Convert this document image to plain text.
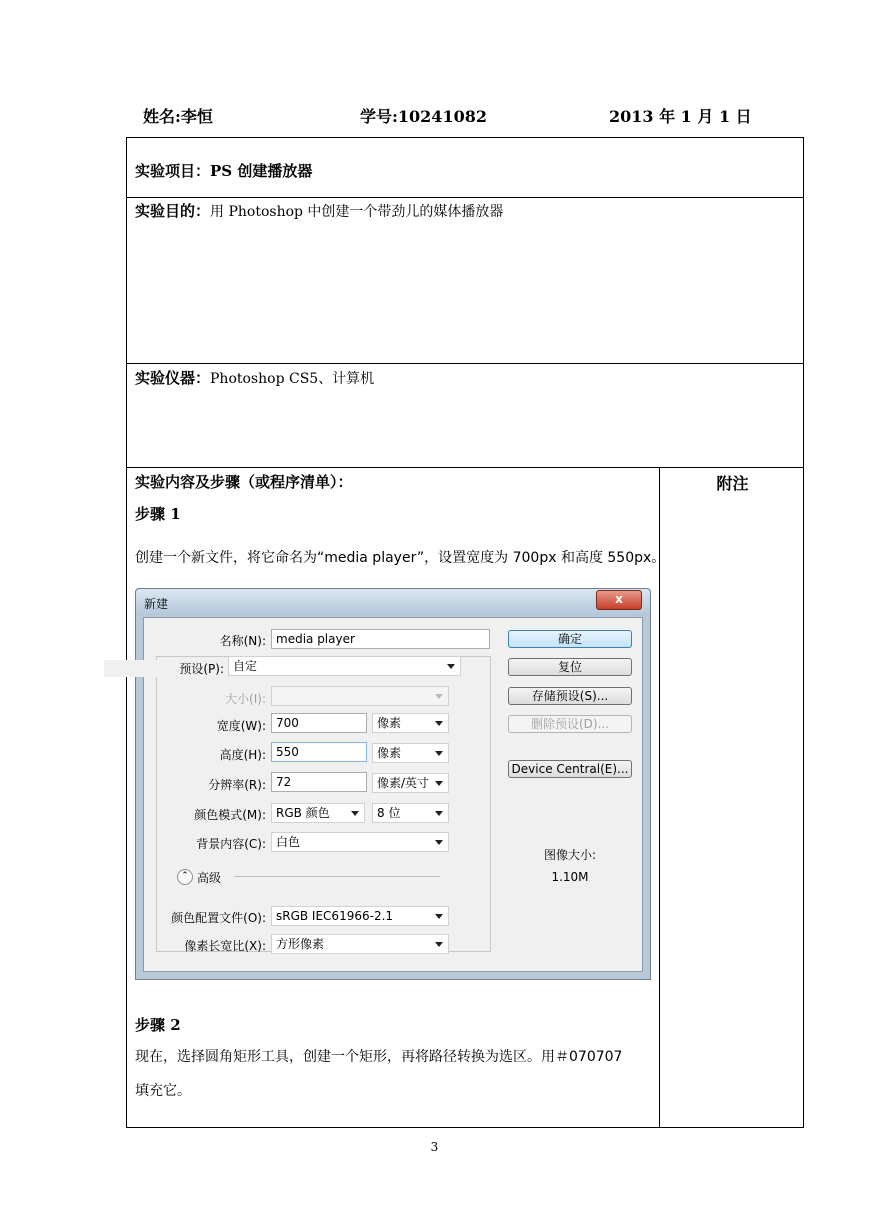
姓名:李恒	学号:10241082	2013 年 1 月 1 日
实验项目：PS 创建播放器
实验目的：用 Photoshop 中创建一个带劲儿的媒体播放器
实验仪器：Photoshop CS5、计算机
实验内容及步骤（或程序清单）：	附注
步骤 1
创建一个新文件，将它命名为“media player”，设置宽度为 700px 和高度 550px。
步骤 2
现在，选择圆角矩形工具，创建一个矩形，再将路径转换为选区。用＃070707
填充它。
新建	x
名称(N): media player
预设(P): 自定
大小(I):
宽度(W): 700	像素
高度(H): 550	像素
分辨率(R): 72	像素/英寸
颜色模式(M): RGB 颜色	8 位
背景内容(C): 白色
⌃ 高级
颜色配置文件(O): sRGB IEC61966-2.1
像素长宽比(X): 方形像素
确定
复位
存储预设(S)...
删除预设(D)...
Device Central(E)...
图像大小:
1.10M
3
